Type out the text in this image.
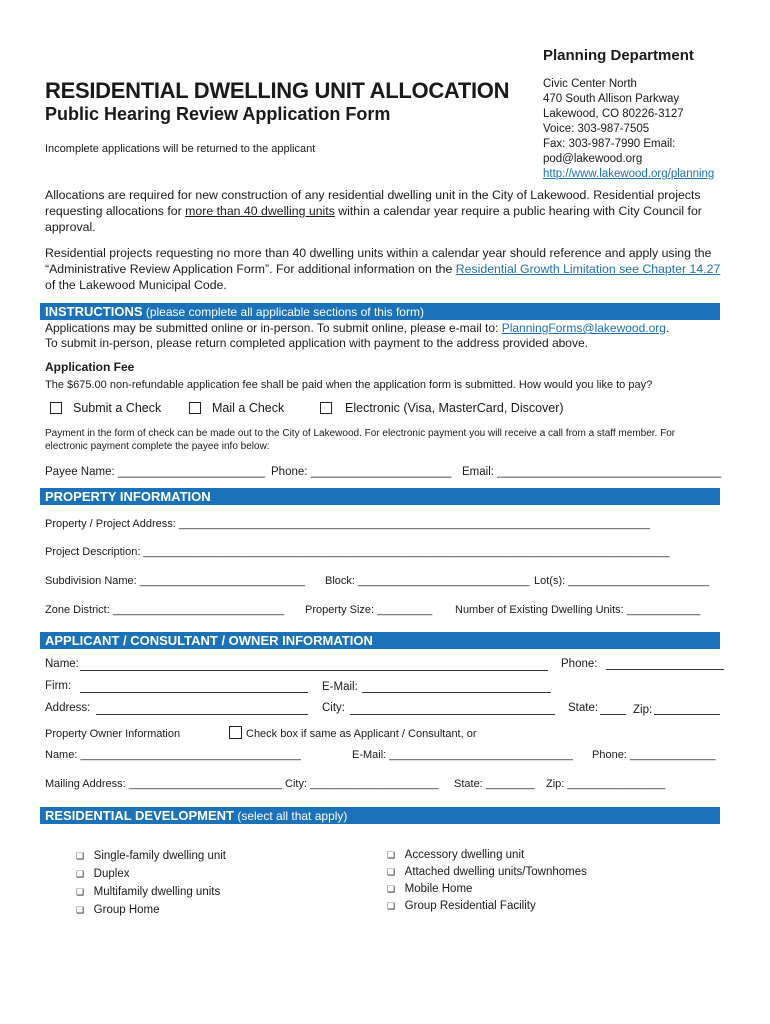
Planning Department
Civic Center North
470 South Allison Parkway
Lakewood, CO 80226-3127
Voice: 303-987-7505
Fax: 303-987-7990 Email:
pod@lakewood.org
http://www.lakewood.org/planning
RESIDENTIAL DWELLING UNIT ALLOCATION
Public Hearing Review Application Form
Incomplete applications will be returned to the applicant
Allocations are required for new construction of any residential dwelling unit in the City of Lakewood. Residential projects requesting allocations for more than 40 dwelling units within a calendar year require a public hearing with City Council for approval.
Residential projects requesting no more than 40 dwelling units within a calendar year should reference and apply using the “Administrative Review Application Form”. For additional information on the Residential Growth Limitation see Chapter 14.27 of the Lakewood Municipal Code.
INSTRUCTIONS (please complete all applicable sections of this form)
Applications may be submitted online or in-person. To submit online, please e-mail to: PlanningForms@lakewood.org.
To submit in-person, please return completed application with payment to the address provided above.
Application Fee
The $675.00 non-refundable application fee shall be paid when the application form is submitted. How would you like to pay?
Submit a Check	Mail a Check	Electronic (Visa, MasterCard, Discover)
Payment in the form of check can be made out to the City of Lakewood. For electronic payment you will receive a call from a staff member. For electronic payment complete the payee info below:
Payee Name: _______________________ Phone: ______________________ Email: ___________________________________
PROPERTY INFORMATION
Property / Project Address: _____________________________________________________________________________
Project Description: ______________________________________________________________________________________
Subdivision Name: ___________________________ Block: ____________________________ Lot(s): _______________________
Zone District: ____________________________ Property Size: _________ Number of Existing Dwelling Units: ____________
APPLICANT / CONSULTANT / OWNER INFORMATION
Name:	Phone:
Firm:	E-Mail:
Address:	City:	State:	Zip:
Property Owner Information	Check box if same as Applicant / Consultant, or
Name: ____________________________________	E-Mail: ______________________________ Phone: ______________
Mailing Address: _________________________ City: _____________________ State: ________ Zip: ________________
RESIDENTIAL DEVELOPMENT (select all that apply)
❑ Single-family dwelling unit
❑ Duplex
❑ Multifamily dwelling units
❑ Group Home
❑ Accessory dwelling unit
❑ Attached dwelling units/Townhomes
❑ Mobile Home
❑ Group Residential Facility
